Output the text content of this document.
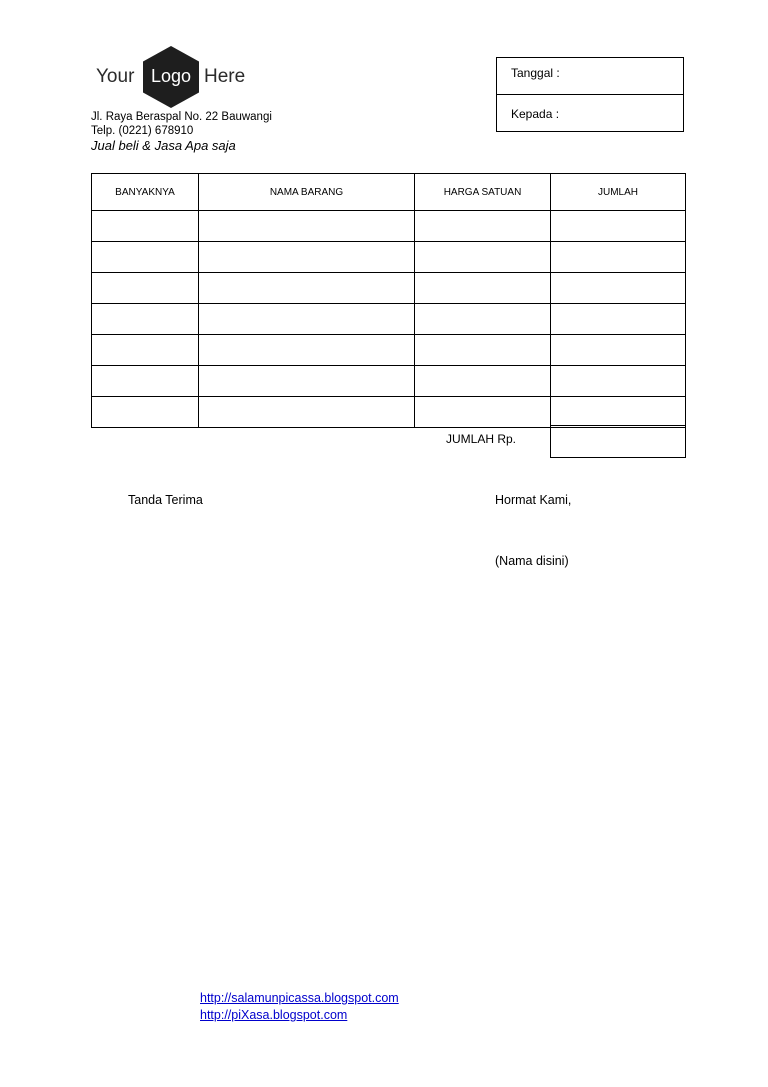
Your Logo Here
Jl. Raya Beraspal No. 22 Bauwangi
Telp. (0221) 678910
Jual beli & Jasa Apa saja
Tanggal :
Kepada :
BANYAKNYA	NAMA BARANG	HARGA SATUAN	JUMLAH

JUMLAH Rp.
Tanda Terima	Hormat Kami,
(Nama disini)
http://salamunpicassa.blogspot.com
http://piXasa.blogspot.com
